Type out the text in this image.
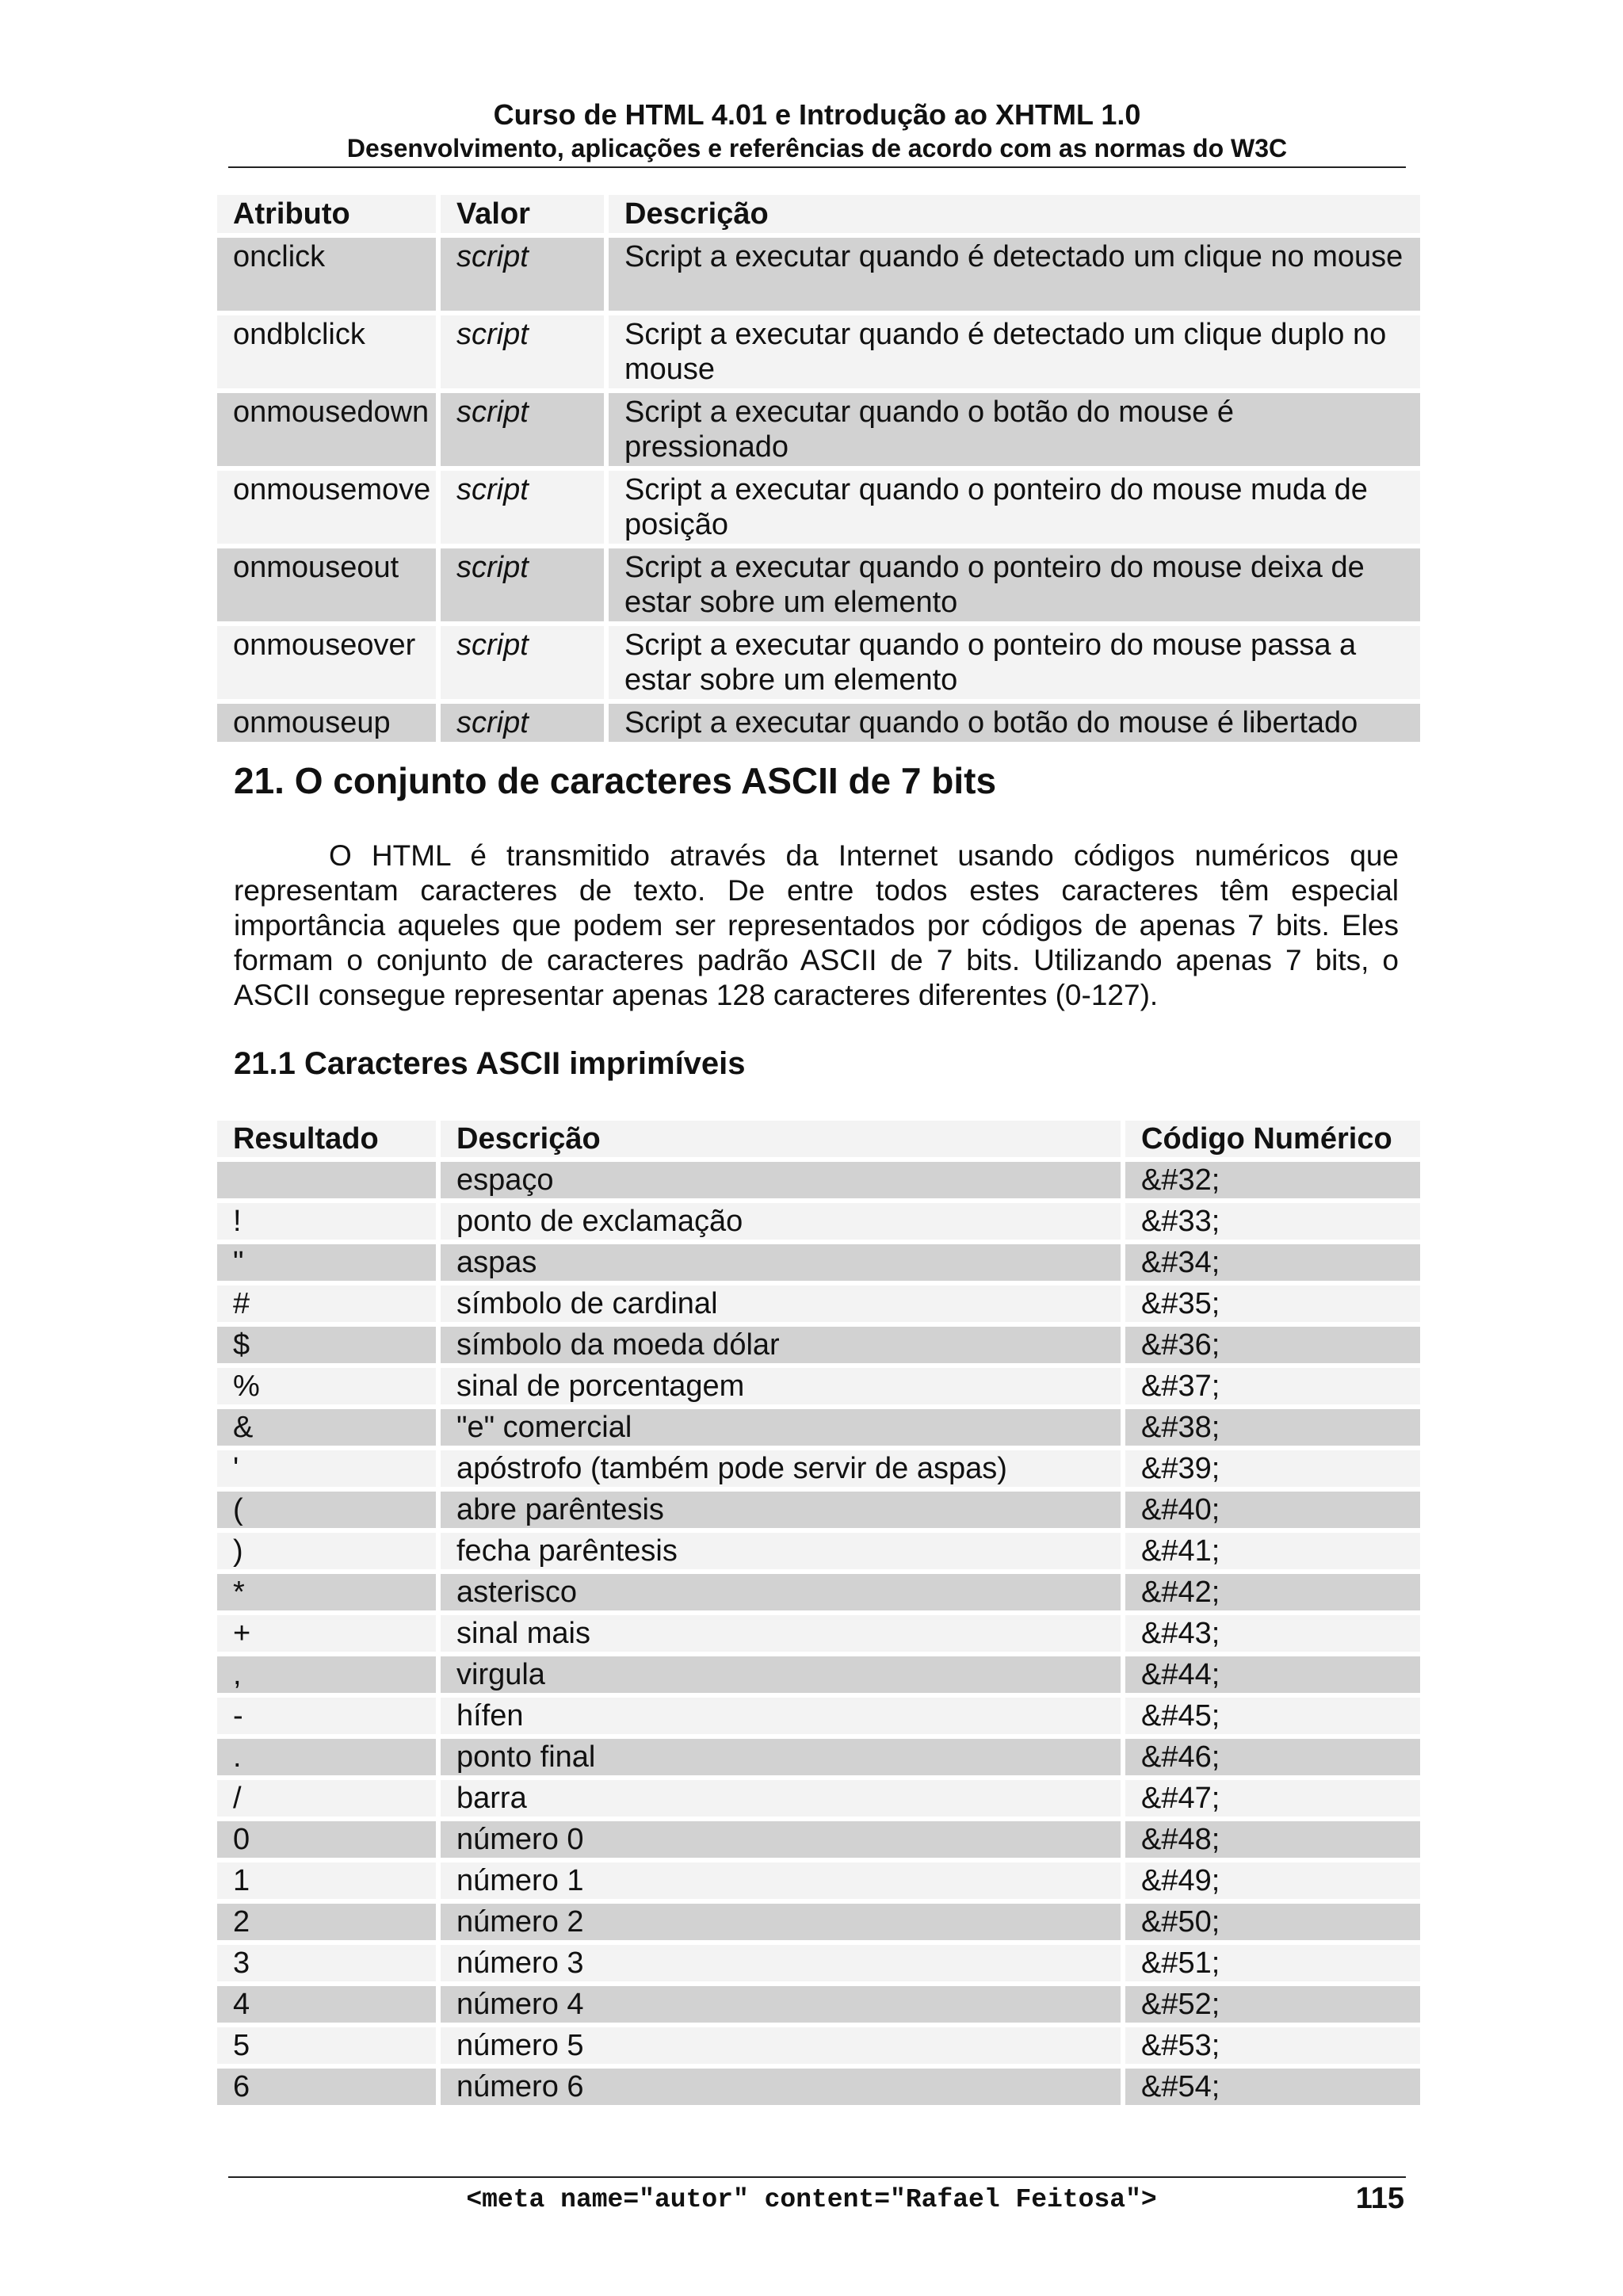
Curso de HTML 4.01 e Introdução ao XHTML 1.0
Desenvolvimento, aplicações e referências de acordo com as normas do W3C
Atributo	Valor	Descrição
onclick	script	Script a executar quando é detectado um clique no mouse
ondblclick	script	Script a executar quando é detectado um clique duplo no mouse
onmousedown	script	Script a executar quando o botão do mouse é pressionado
onmousemove	script	Script a executar quando o ponteiro do mouse muda de posição
onmouseout	script	Script a executar quando o ponteiro do mouse deixa de estar sobre um elemento
onmouseover	script	Script a executar quando o ponteiro do mouse passa a estar sobre um elemento
onmouseup	script	Script a executar quando o botão do mouse é libertado
21. O conjunto de caracteres ASCII de 7 bits
O HTML é transmitido através da Internet usando códigos numéricos que representam caracteres de texto. De entre todos estes caracteres têm especial importância aqueles que podem ser representados por códigos de apenas 7 bits. Eles formam o conjunto de caracteres padrão ASCII de 7 bits. Utilizando apenas 7 bits, o ASCII consegue representar apenas 128 caracteres diferentes (0-127).
21.1 Caracteres ASCII imprimíveis
Resultado	Descrição	Código Numérico
	espaço	&#32;
!	ponto de exclamação	&#33;
"	aspas	&#34;
#	símbolo de cardinal	&#35;
$	símbolo da moeda dólar	&#36;
%	sinal de porcentagem	&#37;
&	"e" comercial	&#38;
'	apóstrofo (também pode servir de aspas)	&#39;
(	abre parêntesis	&#40;
)	fecha parêntesis	&#41;
*	asterisco	&#42;
+	sinal mais	&#43;
,	virgula	&#44;
-	hífen	&#45;
.	ponto final	&#46;
/	barra	&#47;
0	número 0	&#48;
1	número 1	&#49;
2	número 2	&#50;
3	número 3	&#51;
4	número 4	&#52;
5	número 5	&#53;
6	número 6	&#54;
<meta name="autor" content="Rafael Feitosa">	115
